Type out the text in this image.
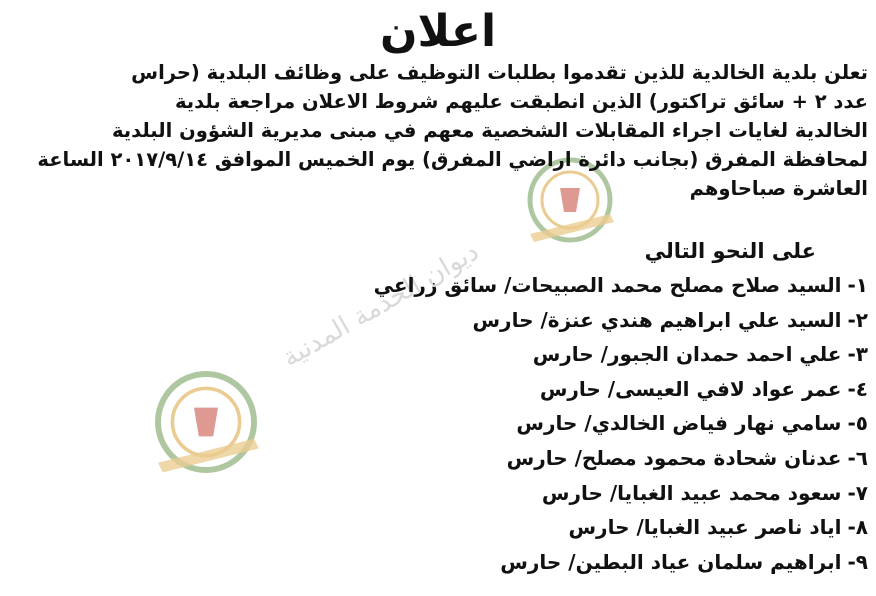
ديوان الخدمة المدنية
اعلان

تعلن بلدية الخالدية للذين تقدموا بطلبات التوظيف على وظائف البلدية (حراس
عدد ٢ + سائق تراكتور) الذين انطبقت عليهم شروط الاعلان مراجعة بلدية
الخالدية لغايات اجراء المقابلات الشخصية معهم في مبنى مديرية الشؤون البلدية
لمحافظة المفرق (بجانب دائرة اراضي المفرق) يوم الخميس الموافق ٢٠١٧/٩/١٤ الساعة
العاشرة صباحاوهم

على النحو التالي
١-السيد صلاح مصلح محمد الصبيحات/ سائق زراعي
٢-السيد علي ابراهيم هندي عنزة/ حارس
٣-علي احمد حمدان الجبور/ حارس
٤-عمر عواد لافي العيسى/ حارس
٥-سامي نهار فياض الخالدي/ حارس
٦-عدنان شحادة محمود مصلح/ حارس
٧-سعود محمد عبيد الغبايا/ حارس
٨-اياد ناصر عبيد الغبايا/ حارس
٩-ابراهيم سلمان عياد البطين/ حارس
